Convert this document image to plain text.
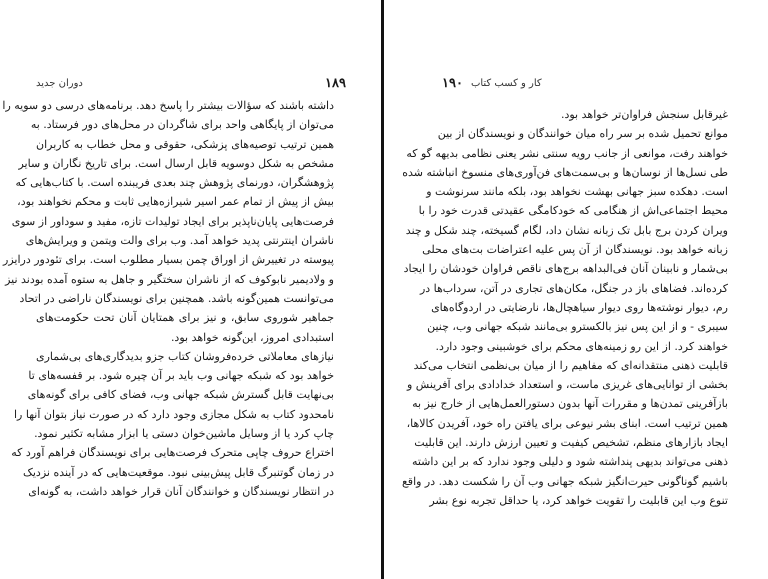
دوران جدید	۱۸۹

داشته باشند که سؤالات بیشتر را پاسخ دهد. برنامه‌های درسی دو سویه را
می‌توان از پایگاهی واحد برای شاگردان در محل‌های دور فرستاد. به
همین ترتیب توصیه‌های پزشکی، حقوقی و محل خطاب به کاربران
مشخص به شکل دوسویه قابل ارسال است. برای تاریخ نگاران و سایر
پژوهشگران، دورنمای پژوهش چند بعدی فریبنده است. با کتاب‌هایی که
بیش از پیش از تمام عمر اسیر شیرازه‌هایی ثابت و محکم نخواهند بود،
فرصت‌هایی پایان‌ناپذیر برای ایجاد تولیدات تازه، مفید و سوداور از سوی
ناشران اینترنتی پدید خواهد آمد. وب برای والت ویتمن و ویرایش‌های
پیوسته در تغییرش از اوراق چمن بسیار مطلوب است. برای تئودور درایزر
و ولادیمیر نابوکوف که از ناشران سختگیر و جاهل به ستوه آمده بودند نیز
می‌توانست همین‌گونه باشد. همچنین برای نویسندگان ناراضی در اتحاد
جماهیر شوروی سابق، و نیز برای همتایان آنان تحت حکومت‌های
استبدادی امروز، این‌گونه خواهد بود.

نیازهای معاملاتی خرده‌فروشان کتاب جزو بدیدگاری‌های بی‌شماری
خواهد بود که شبکه جهانی وب باید بر آن چیره شود. بر قفسه‌های تا
بی‌نهایت قابل گسترش شبکه جهانی وب، فضای کافی برای گونه‌های
نامحدود کتاب به شکل مجازی وجود دارد که در صورت نیاز بتوان آنها را
چاپ کرد یا از وسایل ماشین‌خوان دستی یا ابزار مشابه تکثیر نمود.
اختراع حروف چاپی متحرک فرصت‌هایی برای نویسندگان فراهم آورد که
در زمان گوتنبرگ قابل پیش‌بینی نبود. موقعیت‌هایی که در آینده نزدیک
در انتظار نویسندگان و خوانندگان آنان قرار خواهد داشت، به گونه‌ای

۱۹۰ کار و کسب کتاب

غیرقابل سنجش فراوان‌تر خواهد بود.

موانع تحمیل شده بر سر راه میان خوانندگان و نویسندگان از بین
خواهند رفت، موانعی از جانب رویه سنتی نشر یعنی نظامی بدیهه گو که
طی نسل‌ها از نوسان‌ها و بی‌سمت‌های فن‌آوری‌های منسوخ انباشته شده
است. دهکده سبز جهانی بهشت نخواهد بود، بلکه مانند سرنوشت و
محیط اجتماعی‌اش از هنگامی که خودکامگی عقیدتی قدرت خود را با
ویران کردن برج بابل تک زبانه نشان داد، لگام گسیخته، چند شکل و چند
زبانه خواهد بود. نویسندگان از آن پس علیه اعتراضات بت‌های محلی
بی‌شمار و نابینان آنان فی‌البداهه برج‌های ناقص فراوان خودشان را ایجاد
کرده‌اند. فضاهای باز در جنگل، مکان‌های تجاری در آتن، سرداب‌ها در
رم، دیوار نوشته‌ها روی دیوار سیاهچال‌ها، نارضایتی در اردوگاه‌های
سیبری - و از این پس نیز بالکسترو بی‌مانند شبکه جهانی وب، چنین
خواهند کرد. از این رو زمینه‌های محکم برای خوشبینی وجود دارد.

قابلیت ذهنی منتقدانه‌ای که مفاهیم را از میان بی‌نظمی انتخاب می‌کند
بخشی از توانایی‌های غریزی ماست، و استعداد خدادادی برای آفرینش و
بازآفرینی تمدن‌ها و مقررات آنها بدون دستورالعمل‌هایی از خارج نیز به
همین ترتیب است. ابنای بشر نیوعی برای یافتن راه خود، آفریدن کالاها،
ایجاد بازارهای منظم، تشخیص کیفیت و تعیین ارزش دارند. این قابلیت
ذهنی می‌تواند بدیهی پنداشته شود و دلیلی وجود ندارد که بر این داشته
باشیم گوناگونی حیرت‌انگیز شبکه جهانی وب آن را شکست دهد. در واقع
تنوع وب این قابلیت را تقویت خواهد کرد، یا حداقل تجربه نوع بشر
